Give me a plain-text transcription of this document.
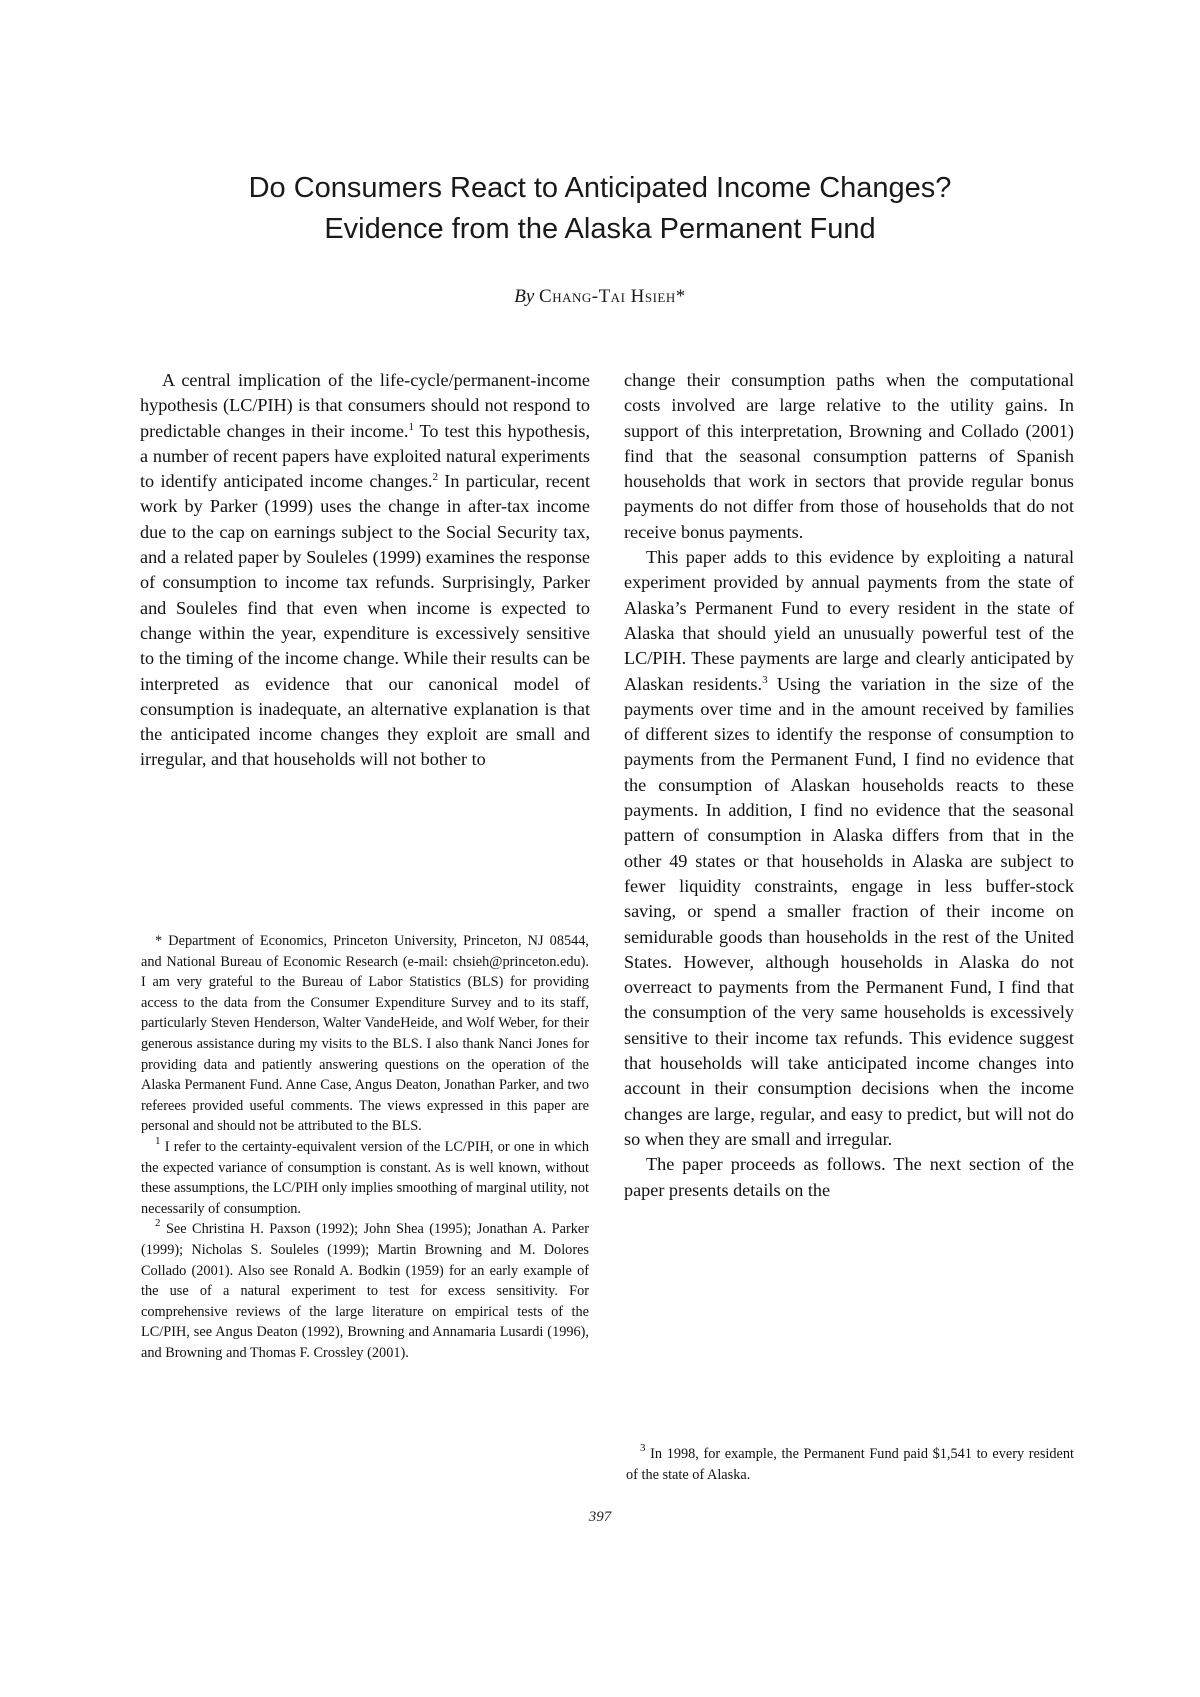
Do Consumers React to Anticipated Income Changes?
Evidence from the Alaska Permanent Fund
By Chang-Tai Hsieh*

A central implication of the life-cycle/permanent-income hypothesis (LC/PIH) is that consumers should not respond to predictable changes in their income.$^1$ To test this hypothesis, a number of recent papers have exploited natural experiments to identify anticipated income changes.$^2$ In particular, recent work by Parker (1999) uses the change in after-tax income due to the cap on earnings subject to the Social Security tax, and a related paper by Souleles (1999) examines the response of consumption to income tax refunds. Surprisingly, Parker and Souleles find that even when income is expected to change within the year, expenditure is excessively sensitive to the timing of the income change. While their results can be interpreted as evidence that our canonical model of consumption is inadequate, an alternative explanation is that the anticipated income changes they exploit are small and irregular, and that households will not bother to

change their consumption paths when the computational costs involved are large relative to the utility gains. In support of this interpretation, Browning and Collado (2001) find that the seasonal consumption patterns of Spanish households that work in sectors that provide regular bonus payments do not differ from those of households that do not receive bonus payments.

This paper adds to this evidence by exploiting a natural experiment provided by annual payments from the state of Alaska’s Permanent Fund to every resident in the state of Alaska that should yield an unusually powerful test of the LC/PIH. These payments are large and clearly anticipated by Alaskan residents.$^3$ Using the variation in the size of the payments over time and in the amount received by families of different sizes to identify the response of consumption to payments from the Permanent Fund, I find no evidence that the consumption of Alaskan households reacts to these payments. In addition, I find no evidence that the seasonal pattern of consumption in Alaska differs from that in the other 49 states or that households in Alaska are subject to fewer liquidity constraints, engage in less buffer-stock saving, or spend a smaller fraction of their income on semidurable goods than households in the rest of the United States. However, although households in Alaska do not overreact to payments from the Permanent Fund, I find that the consumption of the very same households is excessively sensitive to their income tax refunds. This evidence suggest that households will take anticipated income changes into account in their consumption decisions when the income changes are large, regular, and easy to predict, but will not do so when they are small and irregular.

The paper proceeds as follows. The next section of the paper presents details on the

* Department of Economics, Princeton University, Princeton, NJ 08544, and National Bureau of Economic Research (e-mail: chsieh@princeton.edu). I am very grateful to the Bureau of Labor Statistics (BLS) for providing access to the data from the Consumer Expenditure Survey and to its staff, particularly Steven Henderson, Walter VandeHeide, and Wolf Weber, for their generous assistance during my visits to the BLS. I also thank Nanci Jones for providing data and patiently answering questions on the operation of the Alaska Permanent Fund. Anne Case, Angus Deaton, Jonathan Parker, and two referees provided useful comments. The views expressed in this paper are personal and should not be attributed to the BLS.

$^1$ I refer to the certainty-equivalent version of the LC/PIH, or one in which the expected variance of consumption is constant. As is well known, without these assumptions, the LC/PIH only implies smoothing of marginal utility, not necessarily of consumption.

$^2$ See Christina H. Paxson (1992); John Shea (1995); Jonathan A. Parker (1999); Nicholas S. Souleles (1999); Martin Browning and M. Dolores Collado (2001). Also see Ronald A. Bodkin (1959) for an early example of the use of a natural experiment to test for excess sensitivity. For comprehensive reviews of the large literature on empirical tests of the LC/PIH, see Angus Deaton (1992), Browning and Annamaria Lusardi (1996), and Browning and Thomas F. Crossley (2001).

$^3$ In 1998, for example, the Permanent Fund paid $1,541 to every resident of the state of Alaska.

397
